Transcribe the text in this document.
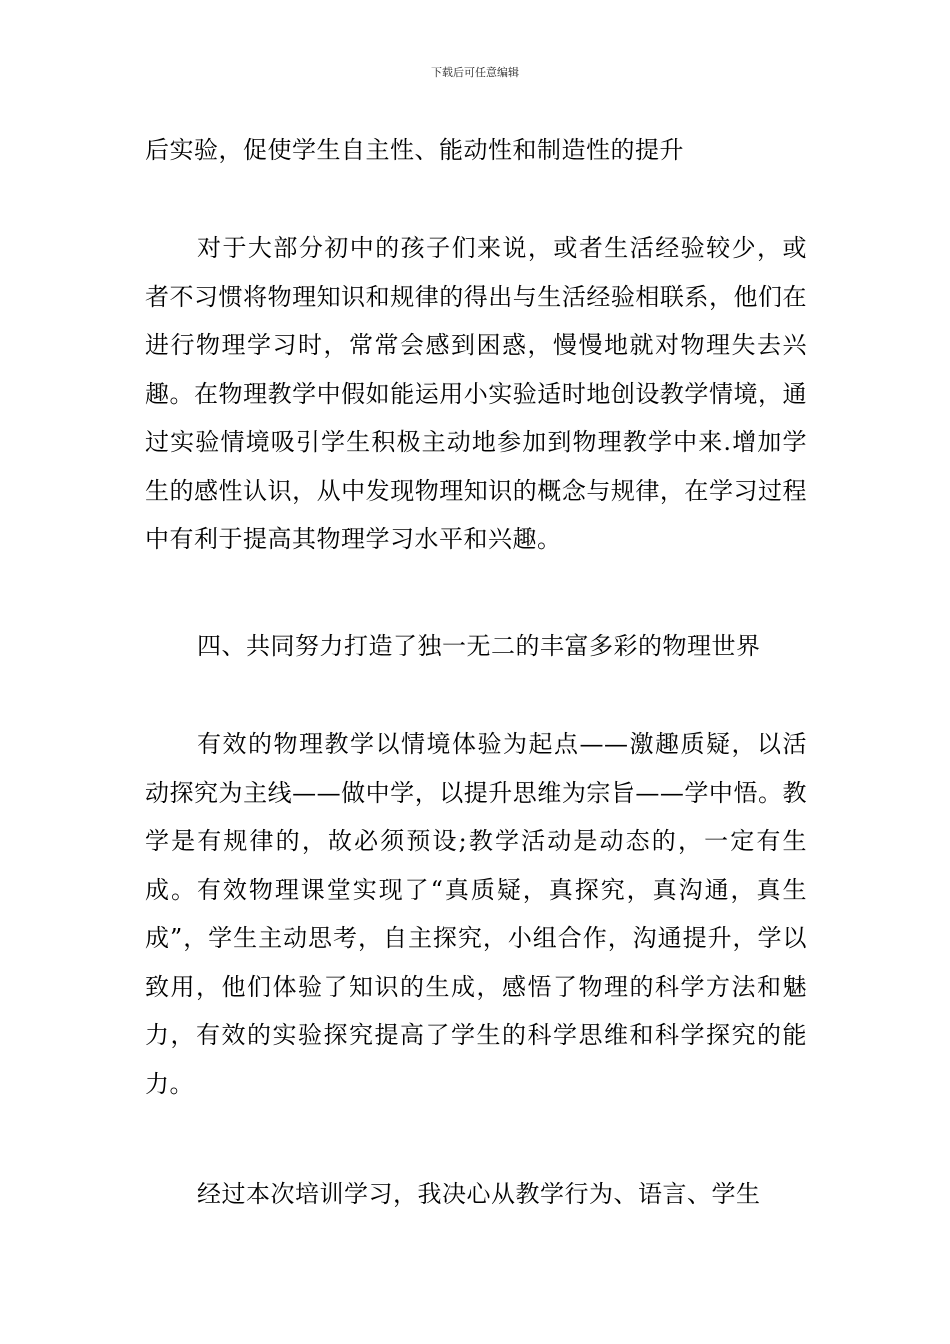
下载后可任意编辑

后实验，促使学生自主性、能动性和制造性的提升

对于大部分初中的孩子们来说，或者生活经验较少，或者不习惯将物理知识和规律的得出与生活经验相联系，他们在进行物理学习时，常常会感到困惑，慢慢地就对物理失去兴趣。在物理教学中假如能运用小实验适时地创设教学情境，通过实验情境吸引学生积极主动地参加到物理教学中来.增加学生的感性认识，从中发现物理知识的概念与规律，在学习过程中有利于提高其物理学习水平和兴趣。

四、共同努力打造了独一无二的丰富多彩的物理世界

有效的物理教学以情境体验为起点——激趣质疑，以活动探究为主线——做中学，以提升思维为宗旨——学中悟。教学是有规律的，故必须预设;教学活动是动态的，一定有生成。有效物理课堂实现了“真质疑，真探究，真沟通，真生成”，学生主动思考，自主探究，小组合作，沟通提升，学以致用，他们体验了知识的生成，感悟了物理的科学方法和魅力，有效的实验探究提高了学生的科学思维和科学探究的能力。

经过本次培训学习，我决心从教学行为、语言、学生
